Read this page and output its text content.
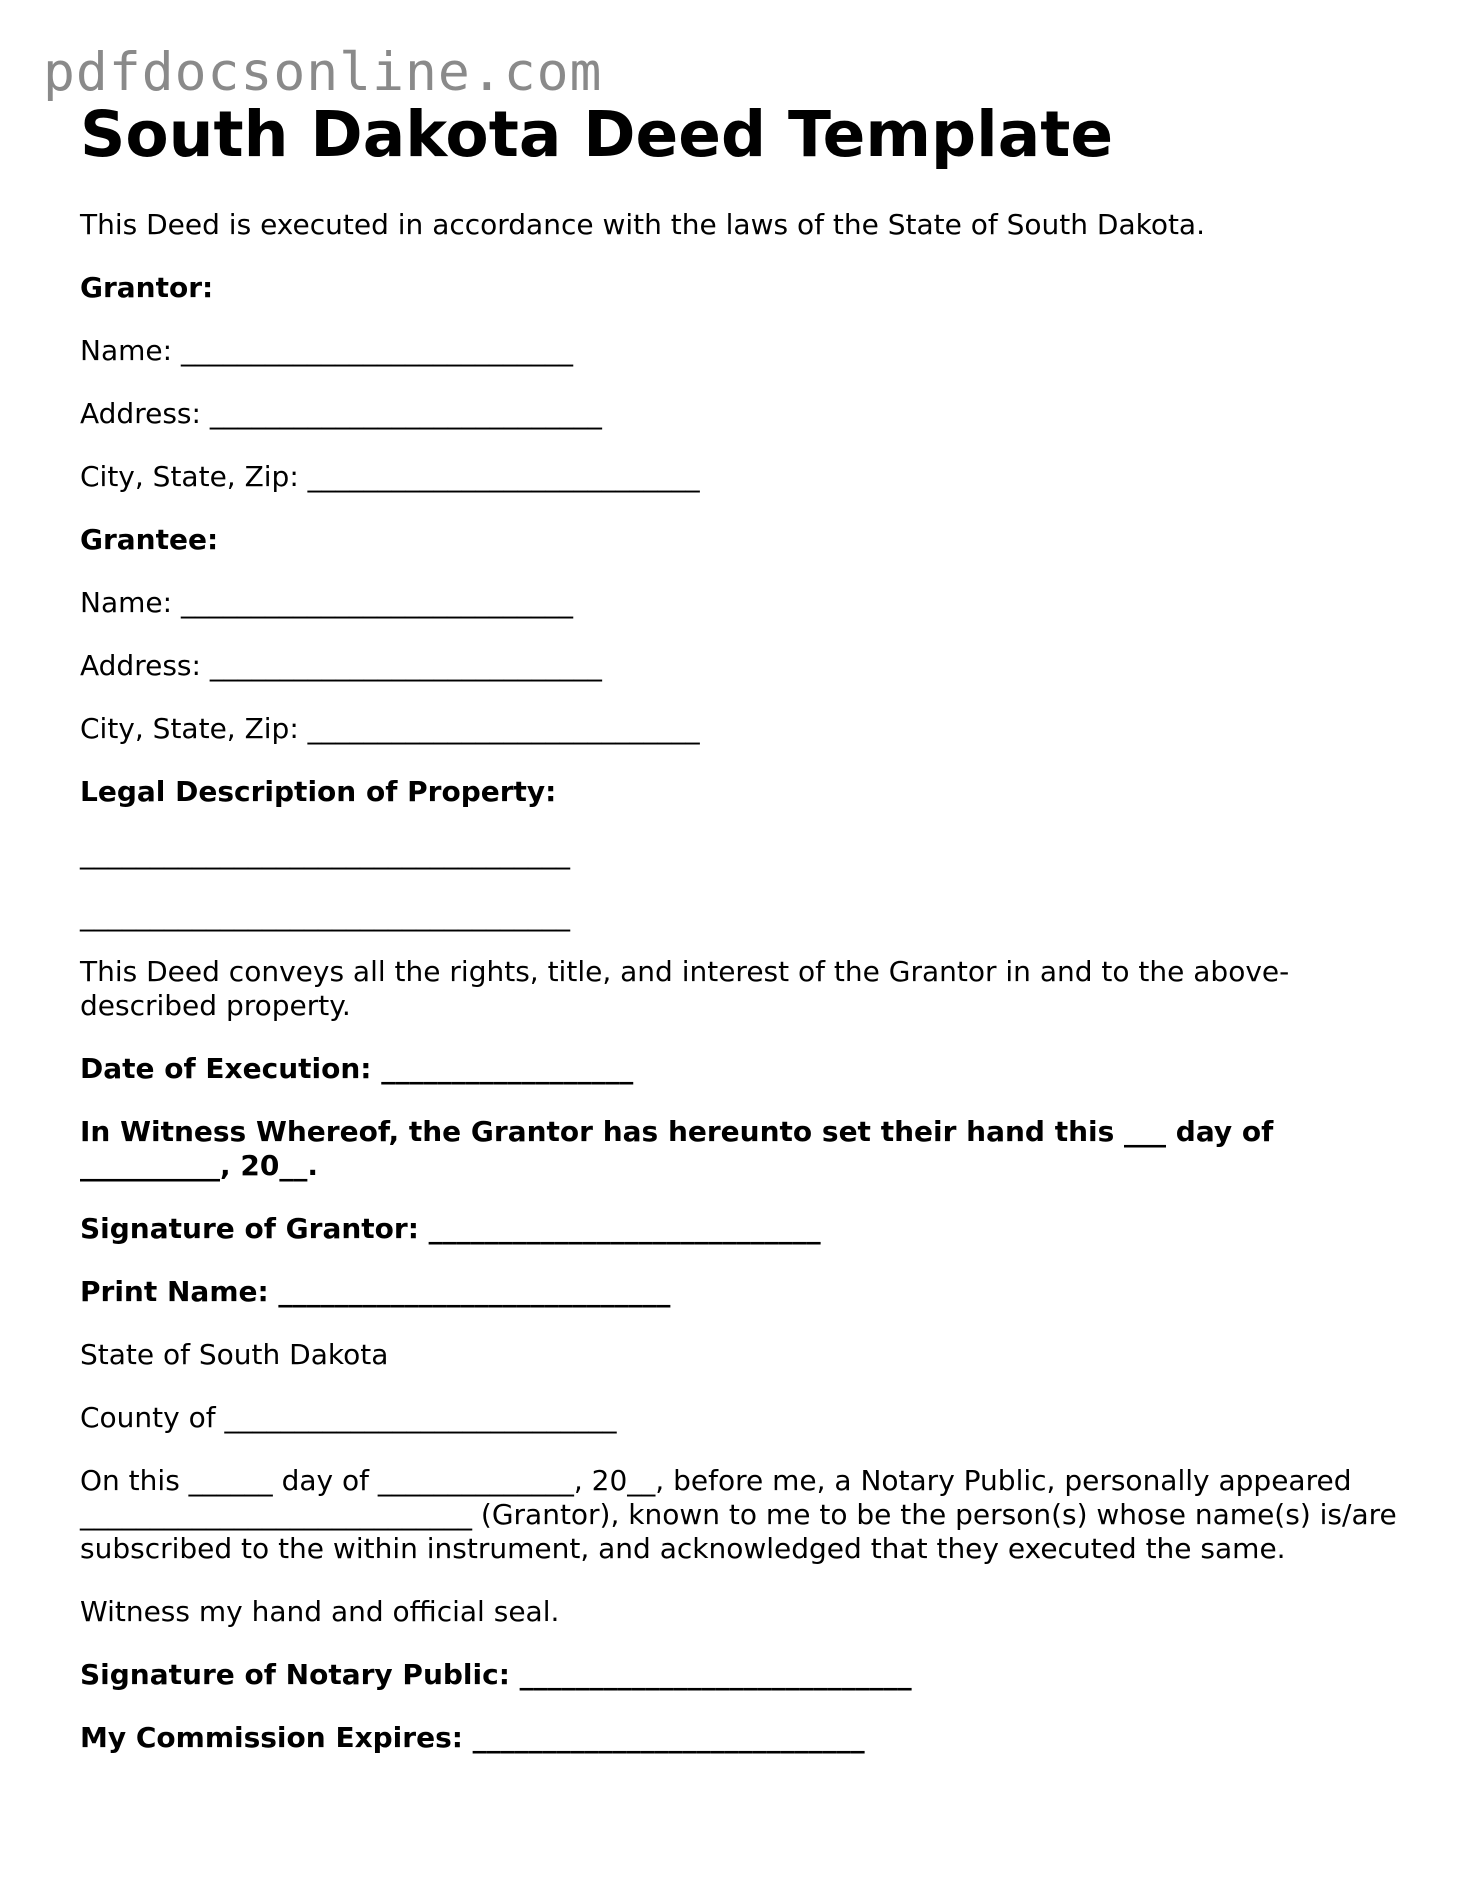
pdfdocsonline.com
South Dakota Deed Template

This Deed is executed in accordance with the laws of the State of South Dakota.

Grantor:

Name: ____________________________

Address: ____________________________

City, State, Zip: ____________________________

Grantee:

Name: ____________________________

Address: ____________________________

City, State, Zip: ____________________________

Legal Description of Property:

___________________________________

___________________________________

This Deed conveys all the rights, title, and interest of the Grantor in and to the above-described property.

Date of Execution: __________________

In Witness Whereof, the Grantor has hereunto set their hand this ___ day of __________, 20__.

Signature of Grantor: ____________________________

Print Name: ____________________________

State of South Dakota

County of ____________________________

On this ______ day of ______________, 20__, before me, a Notary Public, personally appeared ____________________________ (Grantor), known to me to be the person(s) whose name(s) is/are subscribed to the within instrument, and acknowledged that they executed the same.

Witness my hand and official seal.

Signature of Notary Public: ____________________________

My Commission Expires: ____________________________
